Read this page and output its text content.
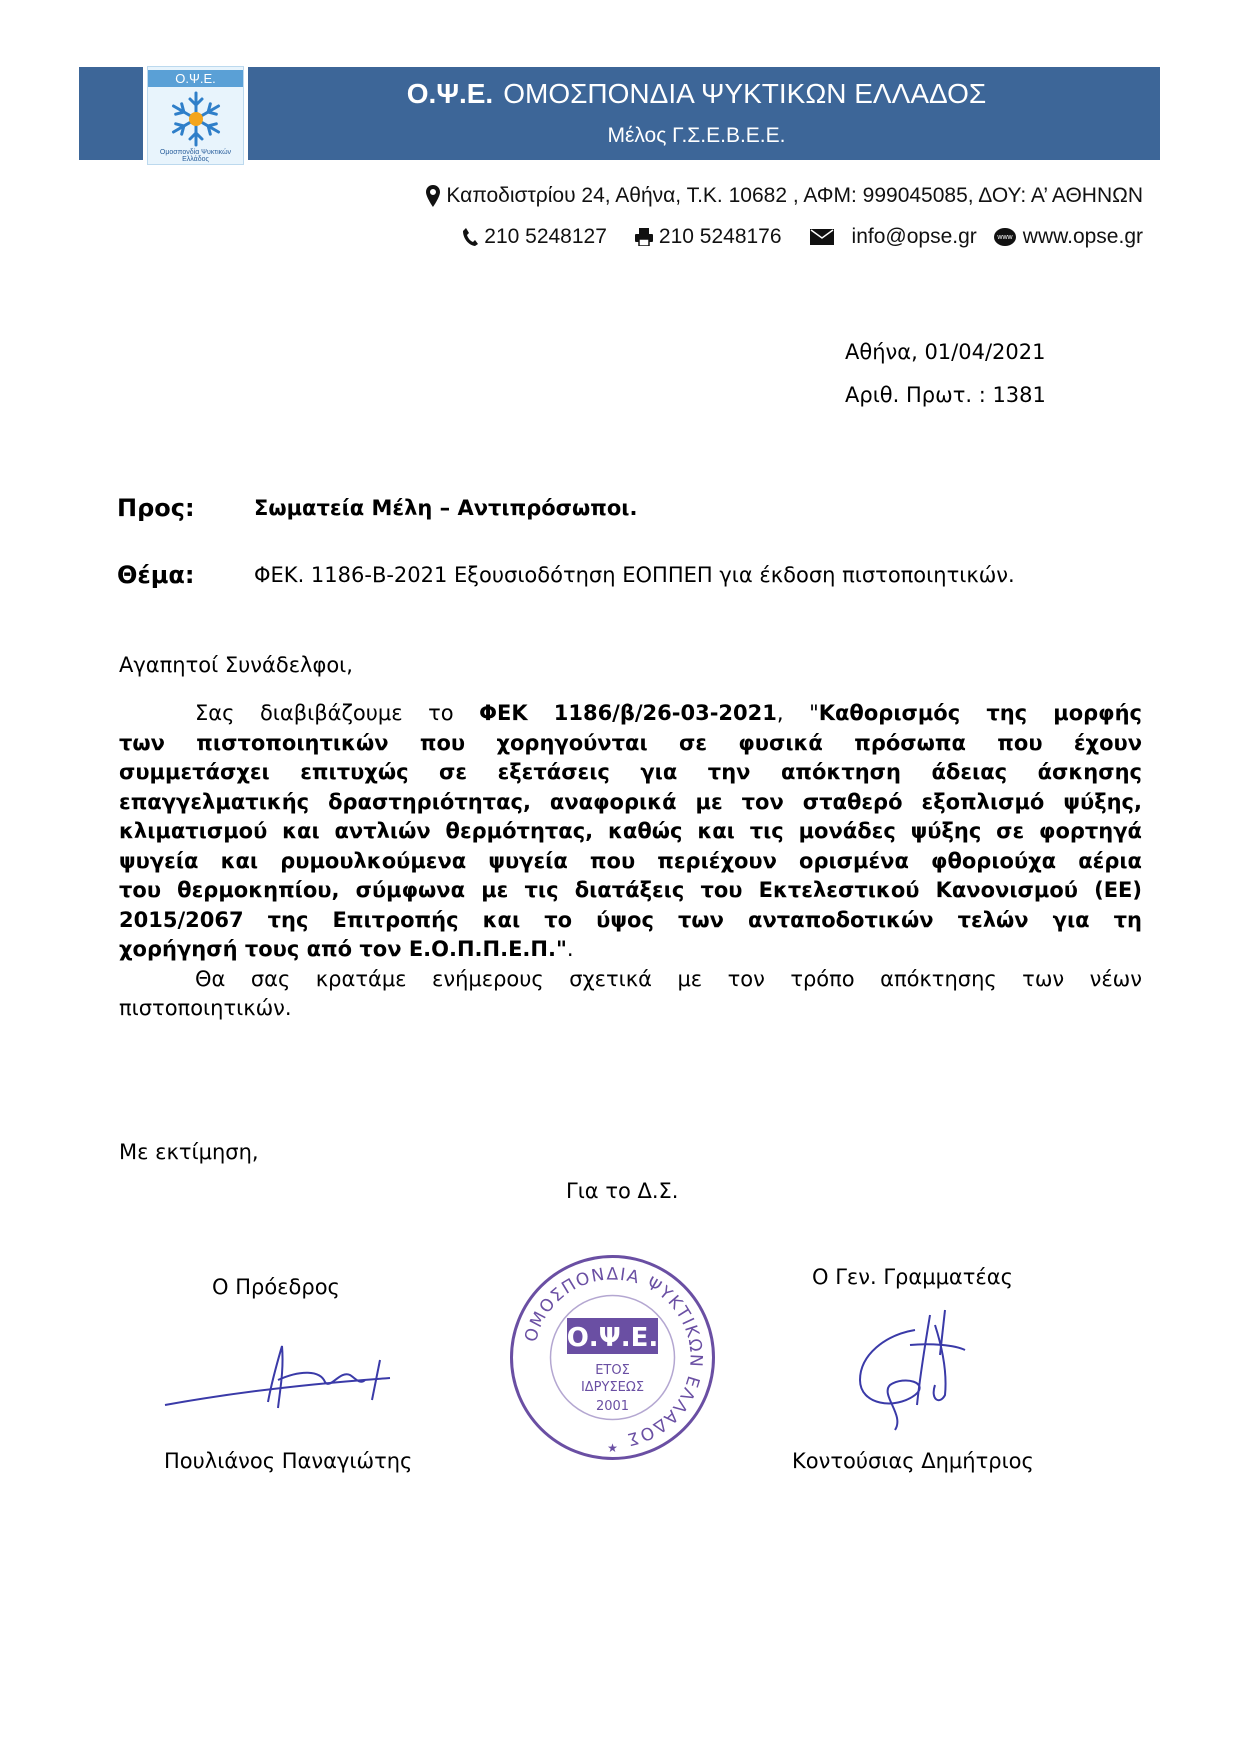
Ο.Ψ.Ε.
Ομοσπονδία Ψυκτικών Ελλάδος
Ο.Ψ.Ε. ΟΜΟΣΠΟΝΔΙΑ ΨΥΚΤΙΚΩΝ ΕΛΛΑΔΟΣ
Μέλος Γ.Σ.Ε.Β.Ε.Ε.
Καποδιστρίου 24, Αθήνα, Τ.Κ. 10682 , ΑΦΜ: 999045085, ΔΟΥ: Α’ ΑΘΗΝΩΝ
210 5248127 210 5248176	info@opse.gr	www www.opse.gr
Αθήνα, 01/04/2021
Αριθ. Πρωτ. : 1381
Προς:	Σωματεία Μέλη – Αντιπρόσωποι.
Θέμα:	ΦΕΚ. 1186-Β-2021 Εξουσιοδότηση ΕΟΠΠΕΠ για έκδοση πιστοποιητικών.
Αγαπητοί Συνάδελφοι,
Σας διαβιβάζουμε το ΦΕΚ 1186/β/26-03-2021, "Καθορισμός της μορφής
των πιστοποιητικών που χορηγούνται σε φυσικά πρόσωπα που έχουν
συμμετάσχει επιτυχώς σε εξετάσεις για την απόκτηση άδειας άσκησης
επαγγελματικής δραστηριότητας, αναφορικά με τον σταθερό εξοπλισμό ψύξης,
κλιματισμού και αντλιών θερμότητας, καθώς και τις μονάδες ψύξης σε φορτηγά
ψυγεία και ρυμουλκούμενα ψυγεία που περιέχουν ορισμένα φθοριούχα αέρια
του θερμοκηπίου, σύμφωνα με τις διατάξεις του Εκτελεστικού Κανονισμού (ΕΕ)
2015/2067 της Επιτροπής και το ύψος των ανταποδοτικών τελών για τη
χορήγησή τους από τον Ε.Ο.Π.Π.Ε.Π.".
Θα σας κρατάμε ενήμερους σχετικά με τον τρόπο απόκτησης των νέων
πιστοποιητικών.
Με εκτίμηση,
Για το Δ.Σ.
Ο Πρόεδρος	Ο Γεν. Γραμματέας
ΟΜΟΣΠΟΝΔΙΑ ΨΥΚΤΙΚΩΝ ΕΛΛΑΔΟΣ
Ο.Ψ.Ε.
ΕΤΟΣ
ΙΔΡΥΣΕΩΣ
2001
★
Πουλιάνος Παναγιώτης	Κοντούσιας Δημήτριος
